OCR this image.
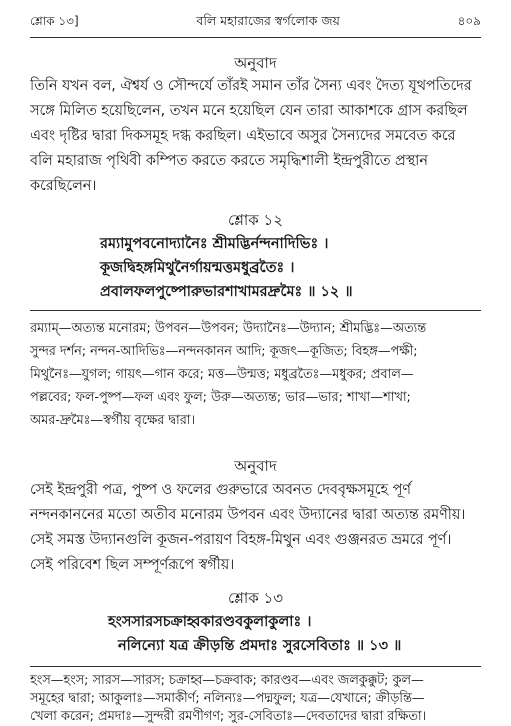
শ্লোক ১৩]	বলি মহারাজের স্বর্গলোক জয়	৪০৯
অনুবাদ
তিনি যখন বল, ঐশ্বর্য ও সৌন্দর্যে তাঁরই সমান তাঁর সৈন্য এবং দৈত্য যূথপতিদের
সঙ্গে মিলিত হয়েছিলেন, তখন মনে হয়েছিল যেন তারা আকাশকে গ্রাস করছিল
এবং দৃষ্টির দ্বারা দিকসমূহ দগ্ধ করছিল। এইভাবে অসুর সৈন্যদের সমবেত করে
বলি মহারাজ পৃথিবী কম্পিত করতে করতে সমৃদ্ধিশালী ইন্দ্রপুরীতে প্রস্থান
করেছিলেন।
শ্লোক ১২
রম্যামুপবনোদ্যানৈঃ শ্রীমদ্ভির্নন্দনাদিভিঃ ।
কূজদ্বিহঙ্গমিথুনৈর্গায়ন্মত্তমধুব্রতৈঃ ।
প্রবালফলপুষ্পোরুভারশাখামরদ্রুমৈঃ ॥ ১২ ॥
রম্যাম্—অত্যন্ত মনোরম; উপবন—উপবন; উদ্যানৈঃ—উদ্যান; শ্রীমদ্ভিঃ—অত্যন্ত
সুন্দর দর্শন; নন্দন-আদিভিঃ—নন্দনকানন আদি; কূজৎ—কূজিত; বিহঙ্গ—পক্ষী;
মিথুনৈঃ—যুগল; গায়ৎ—গান করে; মত্ত—উন্মত্ত; মধুব্রতৈঃ—মধুকর; প্রবাল—
পল্লবের; ফল-পুষ্প—ফল এবং ফুল; উরু—অত্যন্ত; ভার—ভার; শাখা—শাখা;
অমর-দ্রুমৈঃ—স্বর্গীয় বৃক্ষের দ্বারা।
অনুবাদ
সেই ইন্দ্রপুরী পত্র, পুষ্প ও ফলের গুরুভারে অবনত দেববৃক্ষসমূহে পূর্ণ
নন্দনকাননের মতো অতীব মনোরম উপবন এবং উদ্যানের দ্বারা অত্যন্ত রমণীয়।
সেই সমস্ত উদ্যানগুলি কূজন-পরায়ণ বিহঙ্গ-মিথুন এবং গুঞ্জনরত ভ্রমরে পূর্ণ।
সেই পরিবেশ ছিল সম্পূর্ণরূপে স্বর্গীয়।
শ্লোক ১৩
হংসসারসচক্রাহ্বকারণ্ডবকুলাকুলাঃ ।
নলিন্যো যত্র ক্রীড়ন্তি প্রমদাঃ সুরসেবিতাঃ ॥ ১৩ ॥
হংস—হংস; সারস—সারস; চক্রাহ্ব—চক্রবাক; কারণ্ডব—এবং জলকুক্কুট; কুল—
সমূহের দ্বারা; আকুলাঃ—সমাকীর্ণ; নলিন্যঃ—পদ্মফুল; যত্র—যেখানে; ক্রীড়ন্তি—
খেলা করেন; প্রমদাঃ—সুন্দরী রমণীগণ; সুর-সেবিতাঃ—দেবতাদের দ্বারা রক্ষিতা।
